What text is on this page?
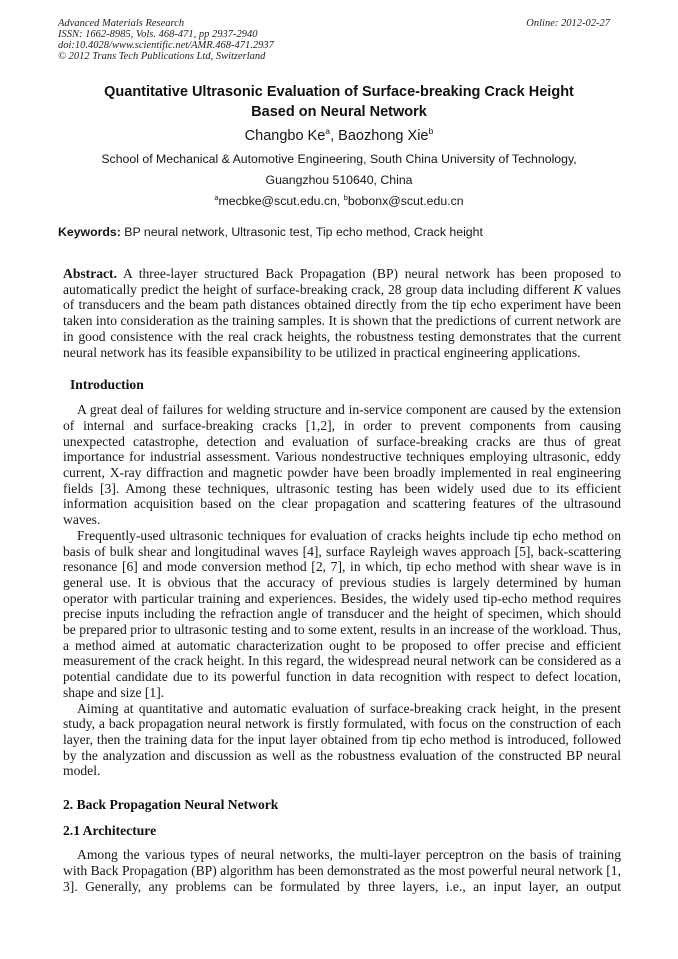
Advanced Materials Research
ISSN: 1662-8985, Vols. 468-471, pp 2937-2940
doi:10.4028/www.scientific.net/AMR.468-471.2937
© 2012 Trans Tech Publications Ltd, Switzerland
Online: 2012-02-27
Quantitative Ultrasonic Evaluation of Surface-breaking Crack Height
Based on Neural Network
Changbo Ke$^a$, Baozhong Xie$^b$
School of Mechanical & Automotive Engineering, South China University of Technology,
Guangzhou 510640, China
$^a$mecbke@scut.edu.cn, $^b$bobonx@scut.edu.cn
Keywords: BP neural network, Ultrasonic test, Tip echo method, Crack height

Abstract. A three-layer structured Back Propagation (BP) neural network has been proposed to automatically predict the height of surface-breaking crack, 28 group data including different K values of transducers and the beam path distances obtained directly from the tip echo experiment have been taken into consideration as the training samples. It is shown that the predictions of current network are in good consistence with the real crack heights, the robustness testing demonstrates that the current neural network has its feasible expansibility to be utilized in practical engineering applications.

Introduction

A great deal of failures for welding structure and in-service component are caused by the extension of internal and surface-breaking cracks [1,2], in order to prevent components from causing unexpected catastrophe, detection and evaluation of surface-breaking cracks are thus of great importance for industrial assessment. Various nondestructive techniques employing ultrasonic, eddy current, X-ray diffraction and magnetic powder have been broadly implemented in real engineering fields [3]. Among these techniques, ultrasonic testing has been widely used due to its efficient information acquisition based on the clear propagation and scattering features of the ultrasound waves.

Frequently-used ultrasonic techniques for evaluation of cracks heights include tip echo method on basis of bulk shear and longitudinal waves [4], surface Rayleigh waves approach [5], back-scattering resonance [6] and mode conversion method [2, 7], in which, tip echo method with shear wave is in general use. It is obvious that the accuracy of previous studies is largely determined by human operator with particular training and experiences. Besides, the widely used tip-echo method requires precise inputs including the refraction angle of transducer and the height of specimen, which should be prepared prior to ultrasonic testing and to some extent, results in an increase of the workload. Thus, a method aimed at automatic characterization ought to be proposed to offer precise and efficient measurement of the crack height. In this regard, the widespread neural network can be considered as a potential candidate due to its powerful function in data recognition with respect to defect location, shape and size [1].

Aiming at quantitative and automatic evaluation of surface-breaking crack height, in the present study, a back propagation neural network is firstly formulated, with focus on the construction of each layer, then the training data for the input layer obtained from tip echo method is introduced, followed by the analyzation and discussion as well as the robustness evaluation of the constructed BP neural model.

2. Back Propagation Neural Network
2.1 Architecture

Among the various types of neural networks, the multi-layer perceptron on the basis of training with Back Propagation (BP) algorithm has been demonstrated as the most powerful neural network [1, 3]. Generally, any problems can be formulated by three layers, i.e., an input layer, an output
